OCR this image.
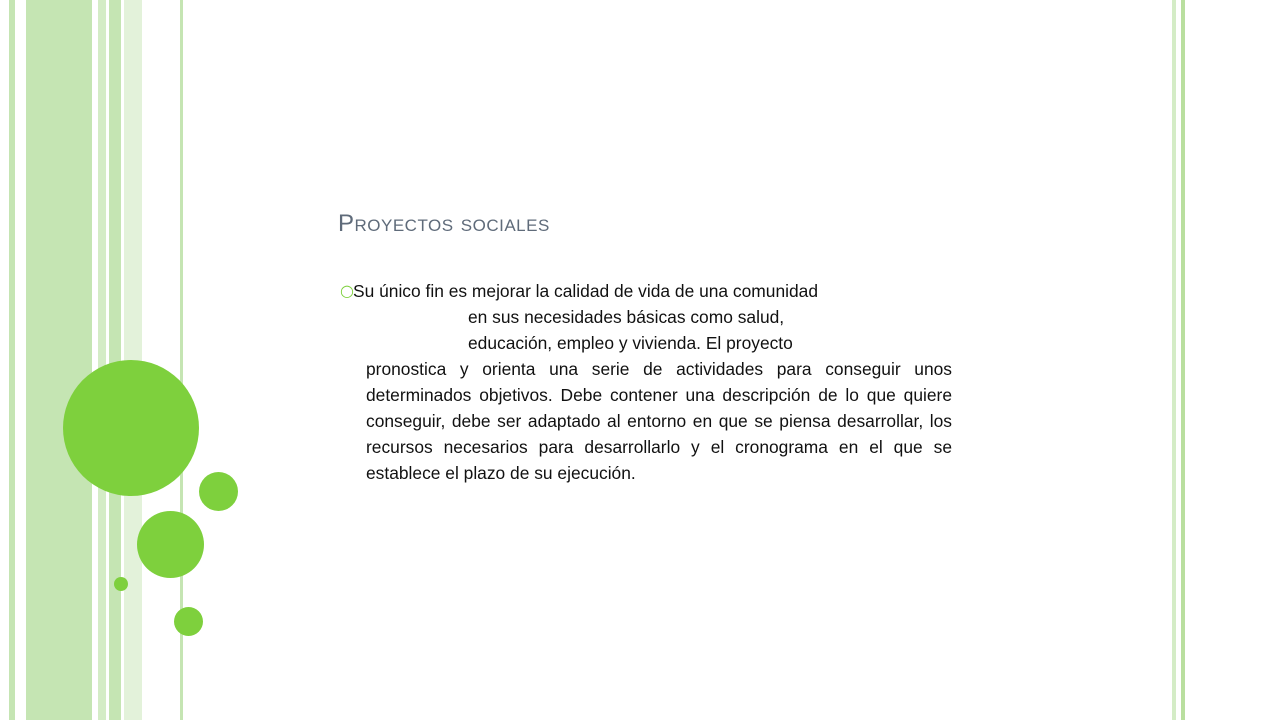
Proyectos sociales
○ Su único fin es mejorar la calidad de vida de una comunidad
en sus necesidades básicas como salud,
educación, empleo y vivienda. El proyecto
pronostica y orienta una serie de actividades para conseguir unos determinados objetivos. Debe contener una descripción de lo que quiere conseguir, debe ser adaptado al entorno en que se piensa desarrollar, los recursos necesarios para desarrollarlo y el cronograma en el que se establece el plazo de su ejecución.
